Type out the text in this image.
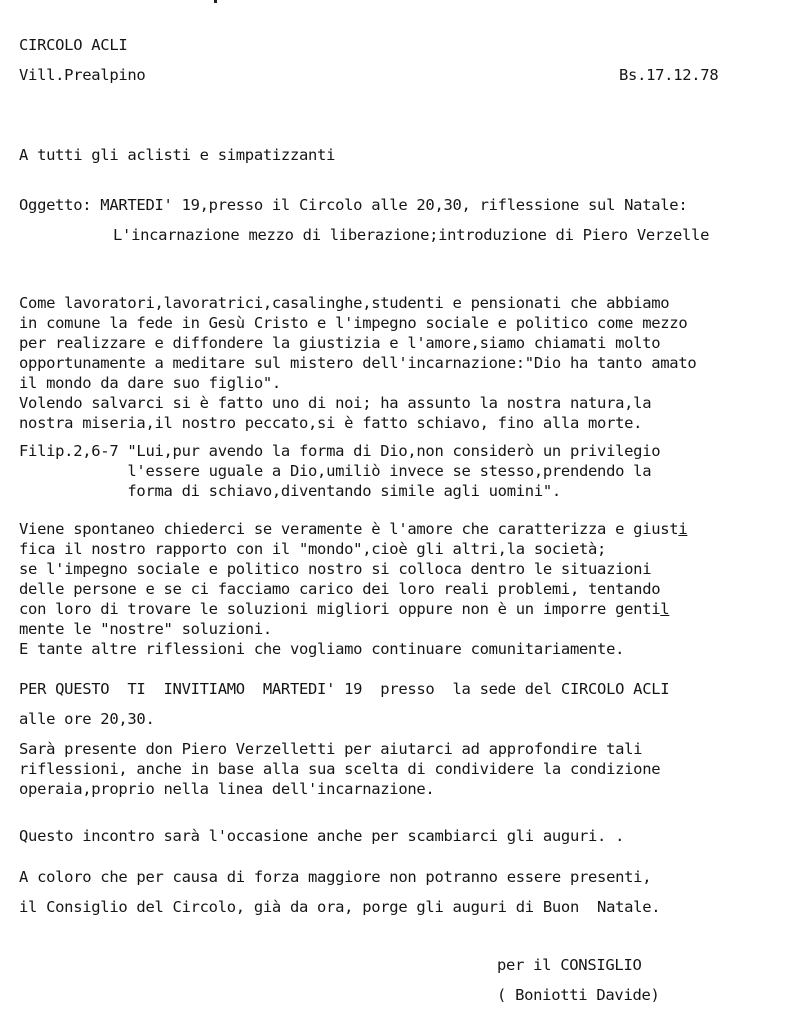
CIRCOLO ACLI
Vill.Prealpino	Bs.17.12.78
A tutti gli aclisti e simpatizzanti
Oggetto: MARTEDI' 19,presso il Circolo alle 20,30, riflessione sul Natale:
L'incarnazione mezzo di liberazione;introduzione di Piero Verzelle
Come lavoratori,lavoratrici,casalinghe,studenti e pensionati che abbiamo
in comune la fede in Gesù Cristo e l'impegno sociale e politico come mezzo
per realizzare e diffondere la giustizia e l'amore,siamo chiamati molto
opportunamente a meditare sul mistero dell'incarnazione:"Dio ha tanto amato
il mondo da dare suo figlio".
Volendo salvarci si è fatto uno di noi; ha assunto la nostra natura,la
nostra miseria,il nostro peccato,si è fatto schiavo, fino alla morte.
Filip.2,6-7 "Lui,pur avendo la forma di Dio,non considerò un privilegio
l'essere uguale a Dio,umiliò invece se stesso,prendendo la
forma di schiavo,diventando simile agli uomini".
Viene spontaneo chiederci se veramente è l'amore che caratterizza e giusti
fica il nostro rapporto con il "mondo",cioè gli altri,la società;
se l'impegno sociale e politico nostro si colloca dentro le situazioni
delle persone e se ci facciamo carico dei loro reali problemi, tentando
con loro di trovare le soluzioni migliori oppure non è un imporre gentil
mente le "nostre" soluzioni.
E tante altre riflessioni che vogliamo continuare comunitariamente.
PER QUESTO  TI  INVITIAMO  MARTEDI' 19  presso  la sede del CIRCOLO ACLI
alle ore 20,30.
Sarà presente don Piero Verzelletti per aiutarci ad approfondire tali
riflessioni, anche in base alla sua scelta di condividere la condizione
operaia,proprio nella linea dell'incarnazione.
Questo incontro sarà l'occasione anche per scambiarci gli auguri. .
A coloro che per causa di forza maggiore non potranno essere presenti,
il Consiglio del Circolo, già da ora, porge gli auguri di Buon  Natale.
per il CONSIGLIO
( Boniotti Davide)
